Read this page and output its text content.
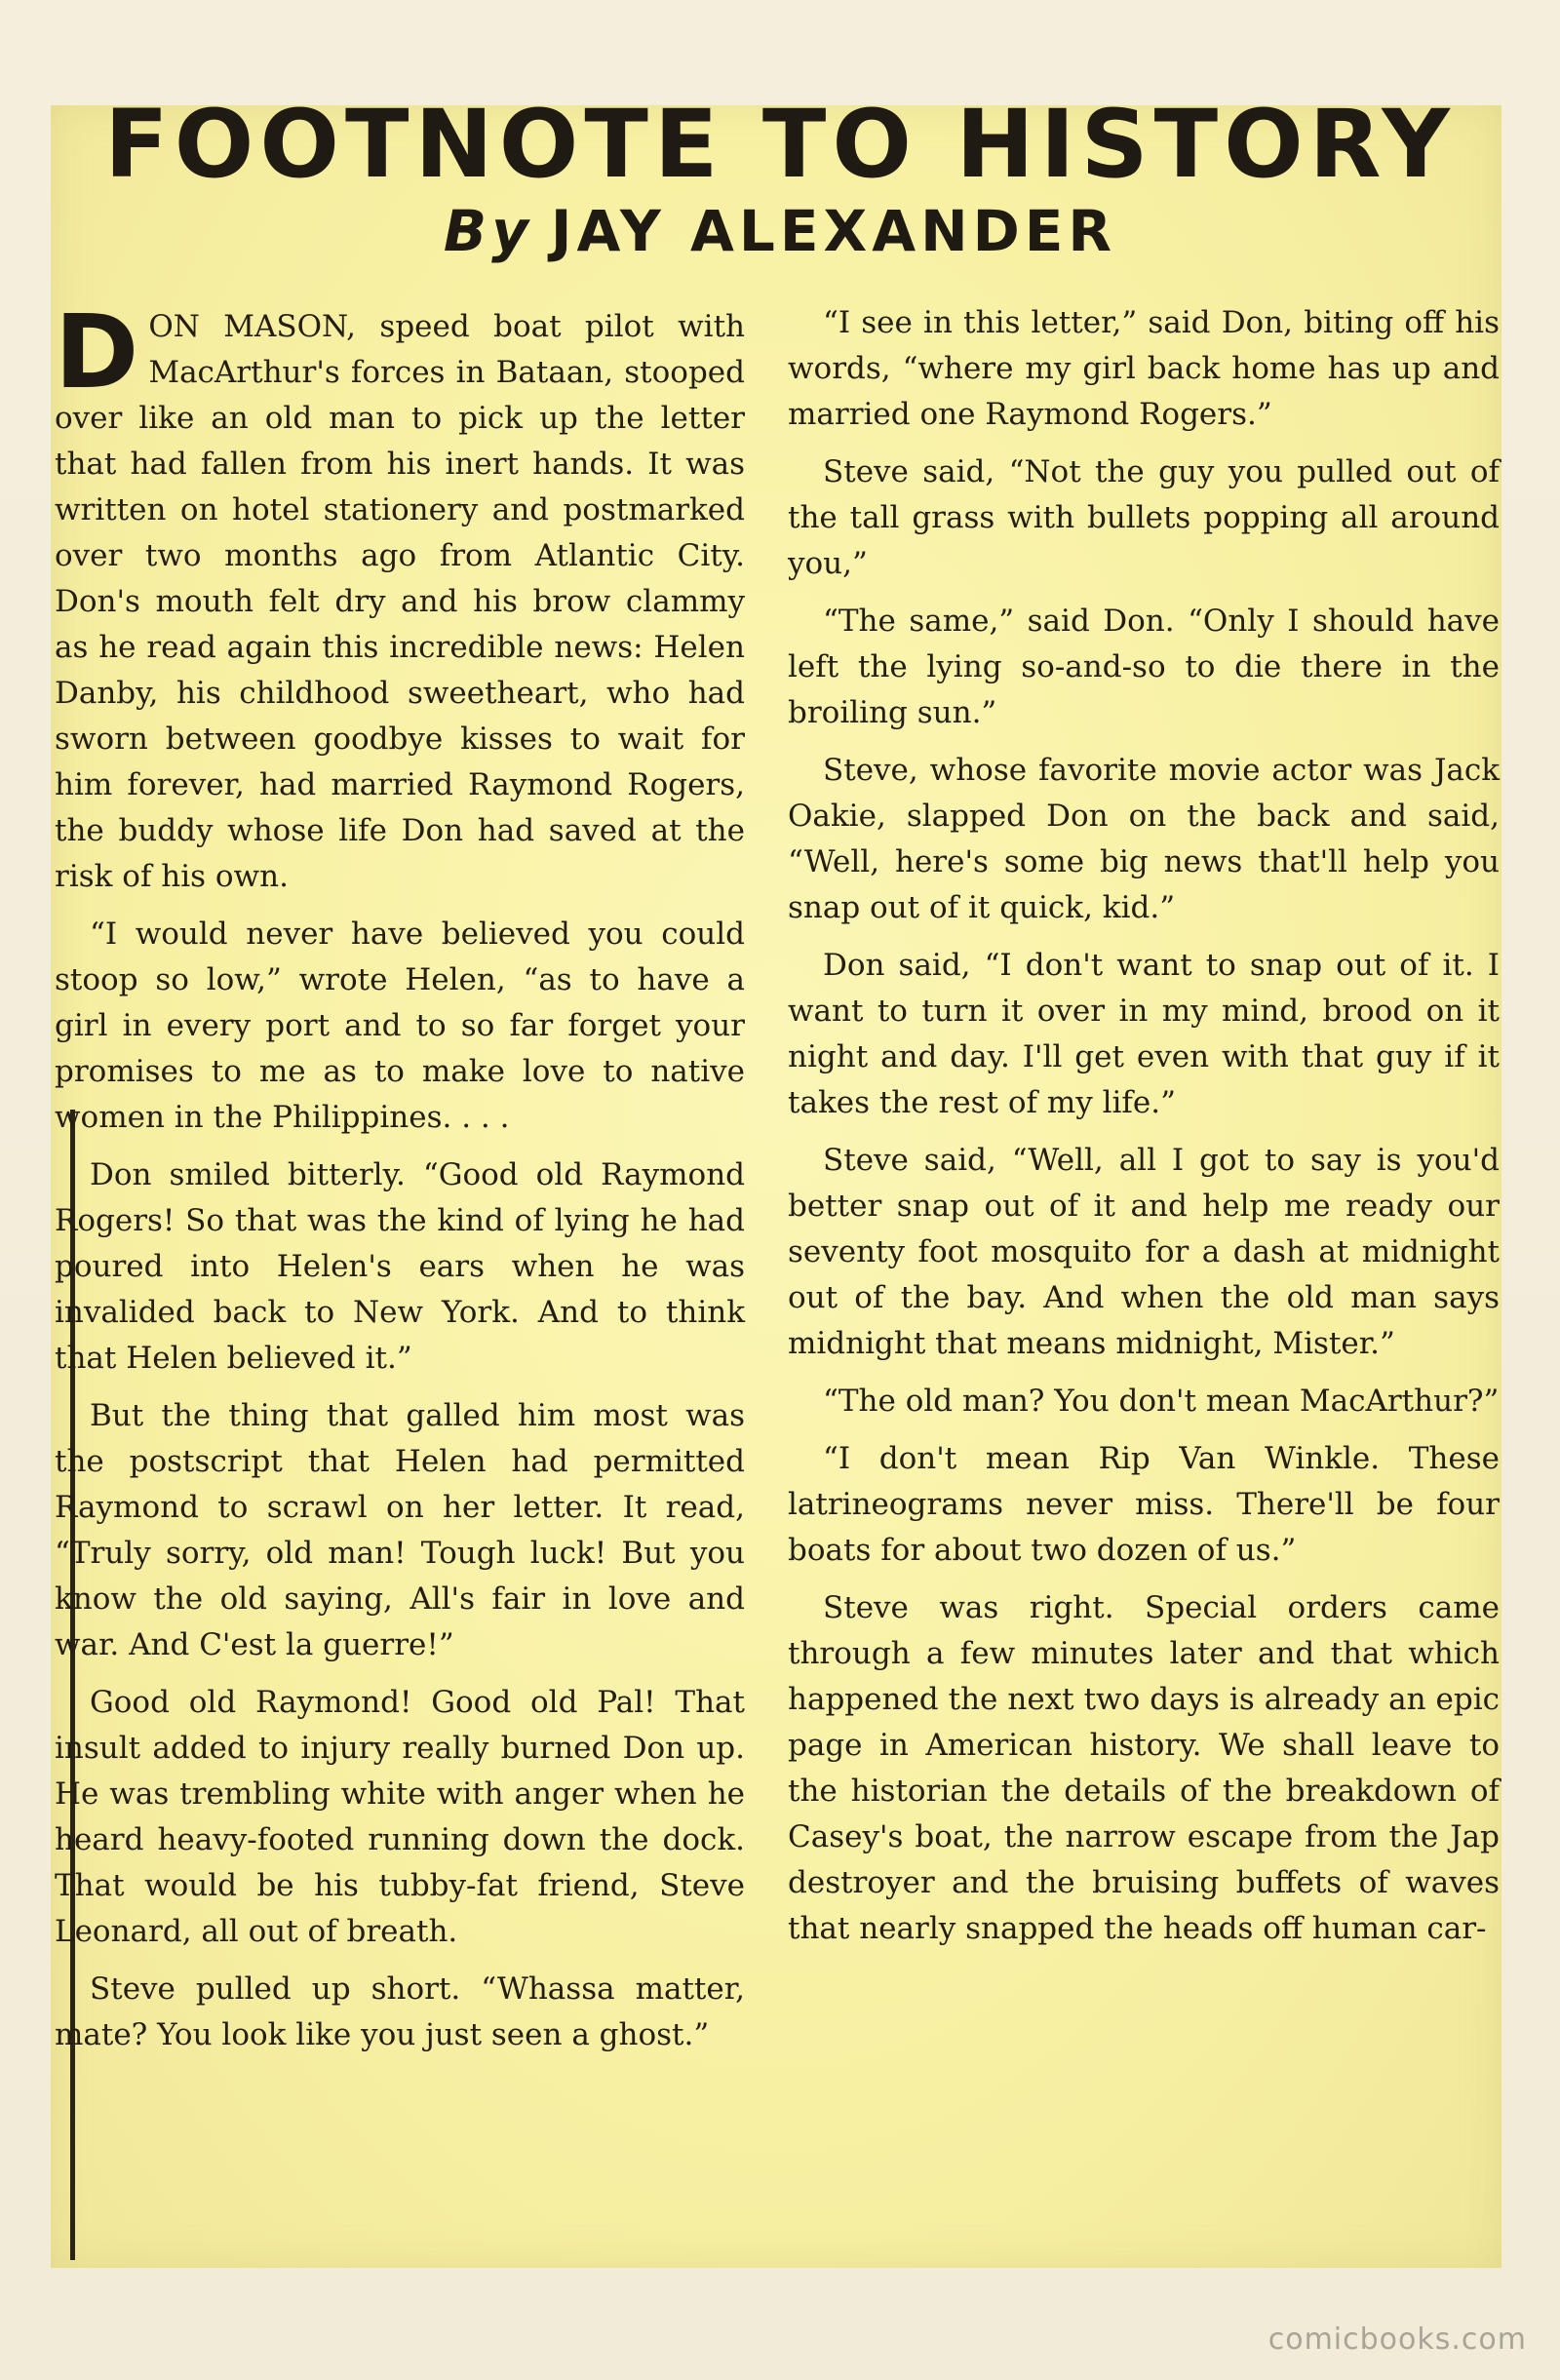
FOOTNOTE TO HISTORY
By JAY ALEXANDER

DON MASON, speed boat pilot with MacArthur's forces in Bataan, stooped over like an old man to pick up the letter that had fallen from his inert hands. It was written on hotel stationery and postmarked over two months ago from Atlantic City. Don's mouth felt dry and his brow clammy as he read again this incredible news: Helen Danby, his childhood sweetheart, who had sworn between goodbye kisses to wait for him forever, had married Raymond Rogers, the buddy whose life Don had saved at the risk of his own.

“I would never have believed you could stoop so low,” wrote Helen, “as to have a girl in every port and to so far forget your promises to me as to make love to native women in the Philippines. . . .

Don smiled bitterly. “Good old Raymond Rogers! So that was the kind of lying he had poured into Helen's ears when he was invalided back to New York. And to think that Helen believed it.”

But the thing that galled him most was the postscript that Helen had permitted Raymond to scrawl on her letter. It read, “Truly sorry, old man! Tough luck! But you know the old saying, All's fair in love and war. And C'est la guerre!”

Good old Raymond! Good old Pal! That insult added to injury really burned Don up. He was trembling white with anger when he heard heavy-footed running down the dock. That would be his tubby-fat friend, Steve Leonard, all out of breath.

Steve pulled up short. “Whassa matter, mate? You look like you just seen a ghost.”

“I see in this letter,” said Don, biting off his words, “where my girl back home has up and married one Raymond Rogers.”

Steve said, “Not the guy you pulled out of the tall grass with bullets popping all around you,”

“The same,” said Don. “Only I should have left the lying so-and-so to die there in the broiling sun.”

Steve, whose favorite movie actor was Jack Oakie, slapped Don on the back and said, “Well, here's some big news that'll help you snap out of it quick, kid.”

Don said, “I don't want to snap out of it. I want to turn it over in my mind, brood on it night and day. I'll get even with that guy if it takes the rest of my life.”

Steve said, “Well, all I got to say is you'd better snap out of it and help me ready our seventy foot mosquito for a dash at midnight out of the bay. And when the old man says midnight that means midnight, Mister.”

“The old man? You don't mean MacArthur?”

“I don't mean Rip Van Winkle. These latrineograms never miss. There'll be four boats for about two dozen of us.”

Steve was right. Special orders came through a few minutes later and that which happened the next two days is already an epic page in American history. We shall leave to the historian the details of the breakdown of Casey's boat, the narrow escape from the Jap destroyer and the bruising buffets of waves that nearly snapped the heads off human car-

comicbooks.com
